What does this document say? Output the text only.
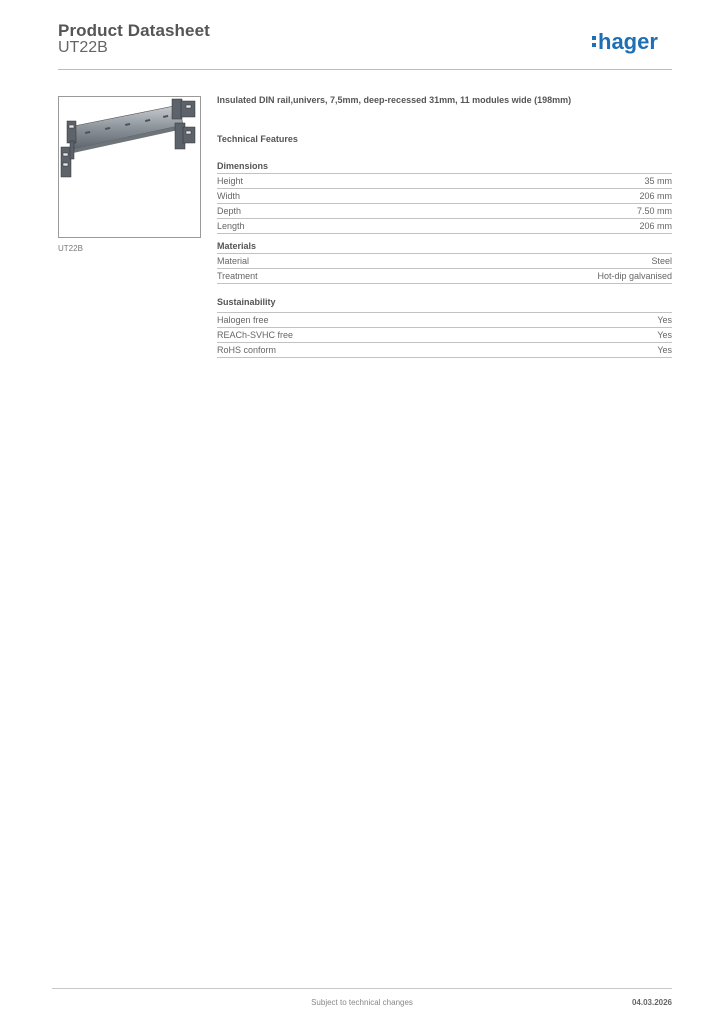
Product Datasheet
UT22B	hager
UT22B
Insulated DIN rail,univers, 7,5mm, deep-recessed 31mm, 11 modules wide (198mm)
Technical Features
Dimensions
Height	35 mm
Width	206 mm
Depth	7.50 mm
Length	206 mm
Materials
Material	Steel
Treatment	Hot-dip galvanised
Sustainability
Halogen free	Yes
REACh-SVHC free	Yes
RoHS conform	Yes
Subject to technical changes	04.03.2026
